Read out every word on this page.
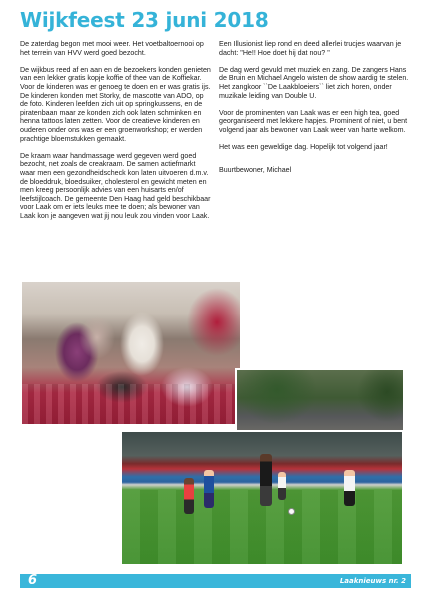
Wijkfeest 23 juni 2018

De zaterdag begon met mooi weer. Het voetbaltoernooi op het terrein van HVV werd goed bezocht.

De wijkbus reed af en aan en de bezoekers konden genieten van een lekker gratis kopje koffie of thee van de Koffiekar. Voor de kinderen was er genoeg te doen en er was gratis ijs. De kinderen konden met Storky, de mascotte van ADO, op de foto. Kinderen leefden zich uit op springkussens, en de piratenbaan maar ze konden zich ook laten schminken en henna tattoos laten zetten. Voor de creatieve kinderen en ouderen onder ons was er een groenworkshop; er werden prachtige bloemstukken gemaakt.

De kraam waar handmassage werd gegeven werd goed bezocht, net zoals de creakraam. De samen actiefmarkt waar men een gezondheidscheck kon laten uitvoeren d.m.v. de bloeddruk, bloedsuiker, cholesterol en gewicht meten en men kreeg persoonlijk advies van een huisarts en/of leefstijlcoach. De gemeente Den Haag had geld beschikbaar voor Laak om er iets leuks mee te doen; als bewoner van Laak kon je aangeven wat jij nou leuk zou vinden voor Laak.

Een Illusionist liep rond en deed allerlei trucjes waarvan je dacht: "He!! Hoe doet hij dat nou? "

De dag werd gevuld met muziek en zang. De zangers Hans de Bruin en Michael Angelo wisten de show aardig te stelen. Het zangkoor ``De Laakbloeiers`` liet zich horen, onder muzikale leiding van Double U.

Voor de prominenten van Laak was er een high tea, goed georganiseerd met lekkere hapjes. Prominent of niet, u bent volgend jaar als bewoner van Laak weer van harte welkom.

Het was een geweldige dag. Hopelijk tot volgend jaar!

Buurtbewoner, Michael

6	Laaknieuws nr. 2
